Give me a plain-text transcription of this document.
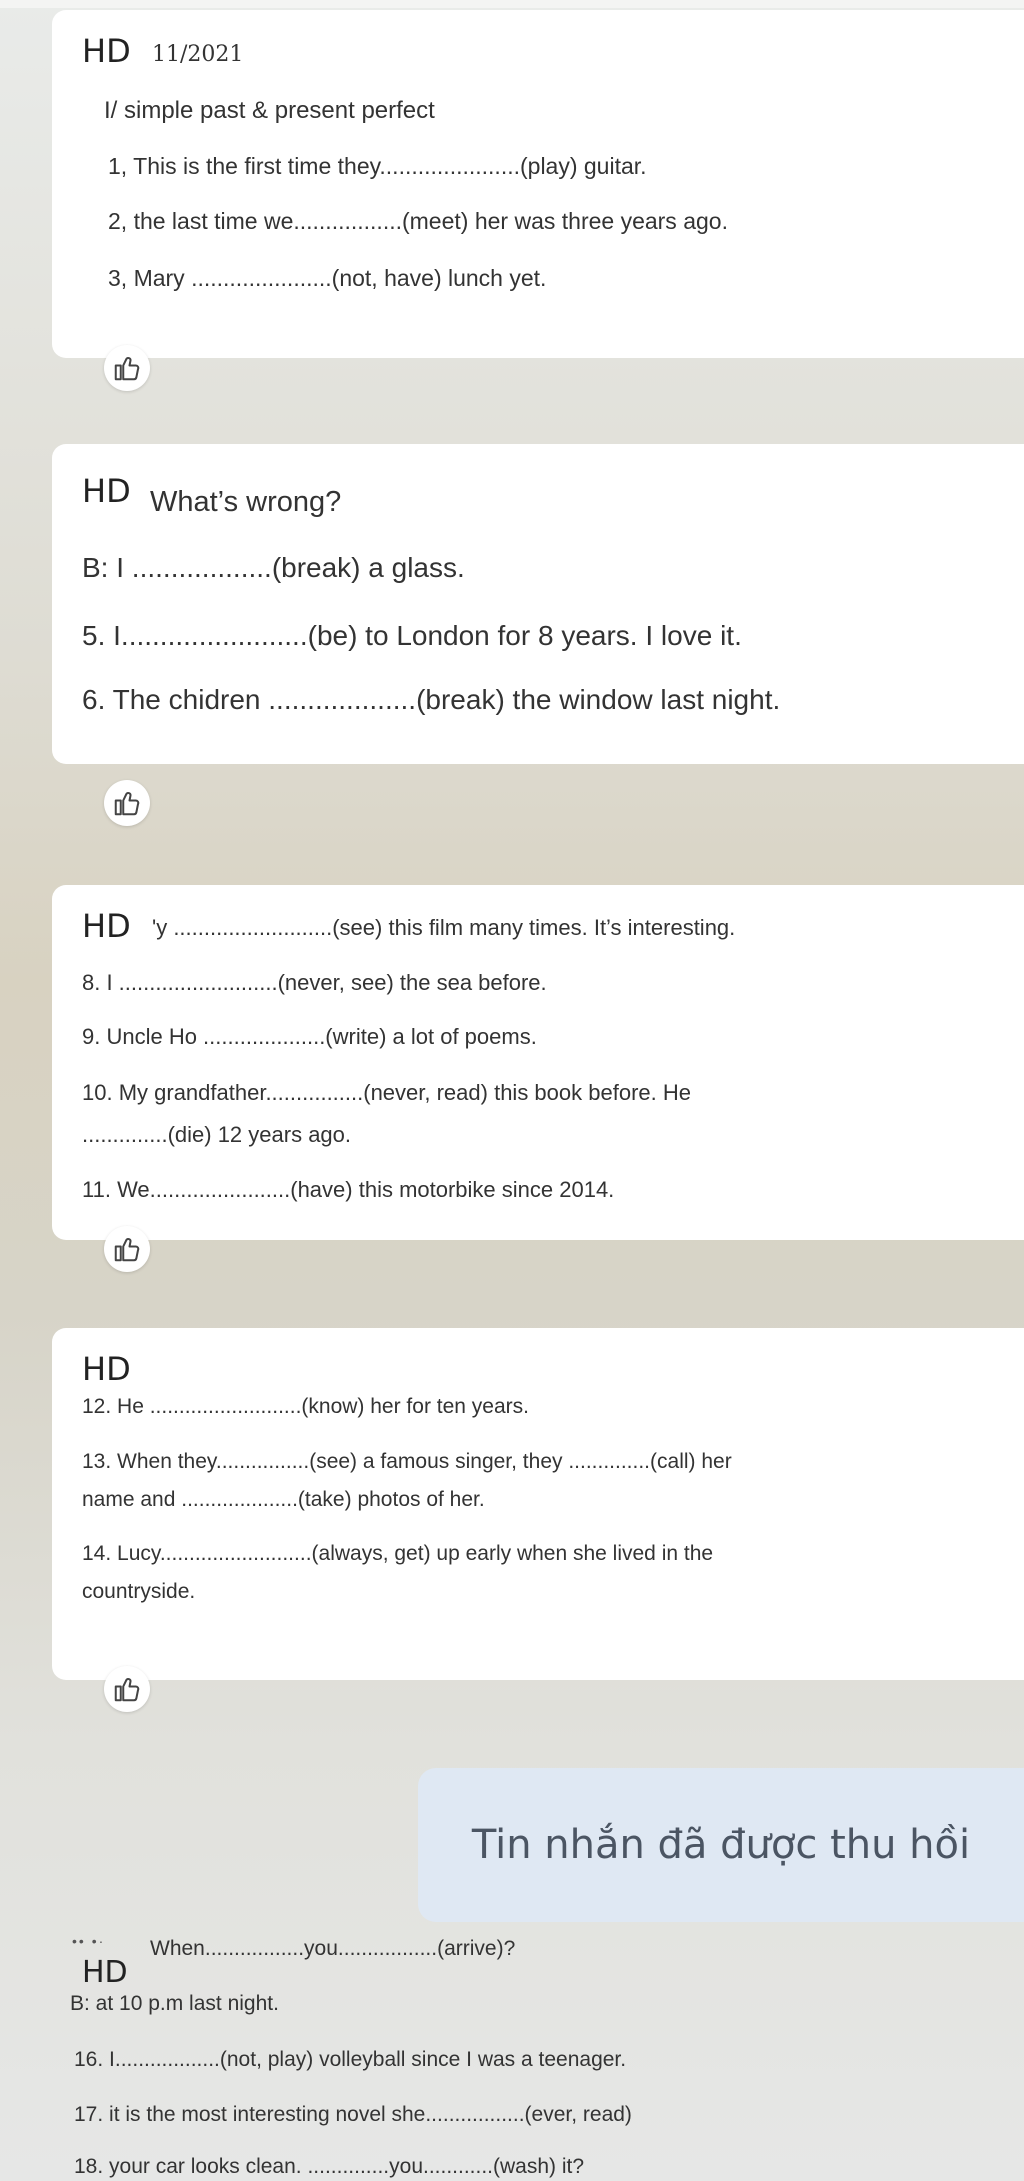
HD 11/2021
I/ simple past & present perfect
1, This is the first time they......................(play) guitar.
2, the last time we.................(meet) her was three years ago.
3, Mary ......................(not, have) lunch yet.
HD What’s wrong?
B: I ..................(break) a glass.
5. I........................(be) to London for 8 years. I love it.
6. The chidren ...................(break) the window last night.
HD 'y ..........................(see) this film many times. It’s interesting.
8. I ..........................(never, see) the sea before.
9. Uncle Ho ....................(write) a lot of poems.
10. My grandfather................(never, read) this book before. He
..............(die) 12 years ago.
11. We.......................(have) this motorbike since 2014.
HD
12. He ..........................(know) her for ten years.
13. When they................(see) a famous singer, they ..............(call) her
name and ....................(take) photos of her.
14. Lucy..........................(always, get) up early when she lived in the
countryside.
Tin nhắn đã được thu hồi
•• •·
HD
When.................you.................(arrive)?
B: at 10 p.m last night.
16. I..................(not, play) volleyball since I was a teenager.
17. it is the most interesting novel she.................(ever, read)
18. your car looks clean. ..............you............(wash) it?
